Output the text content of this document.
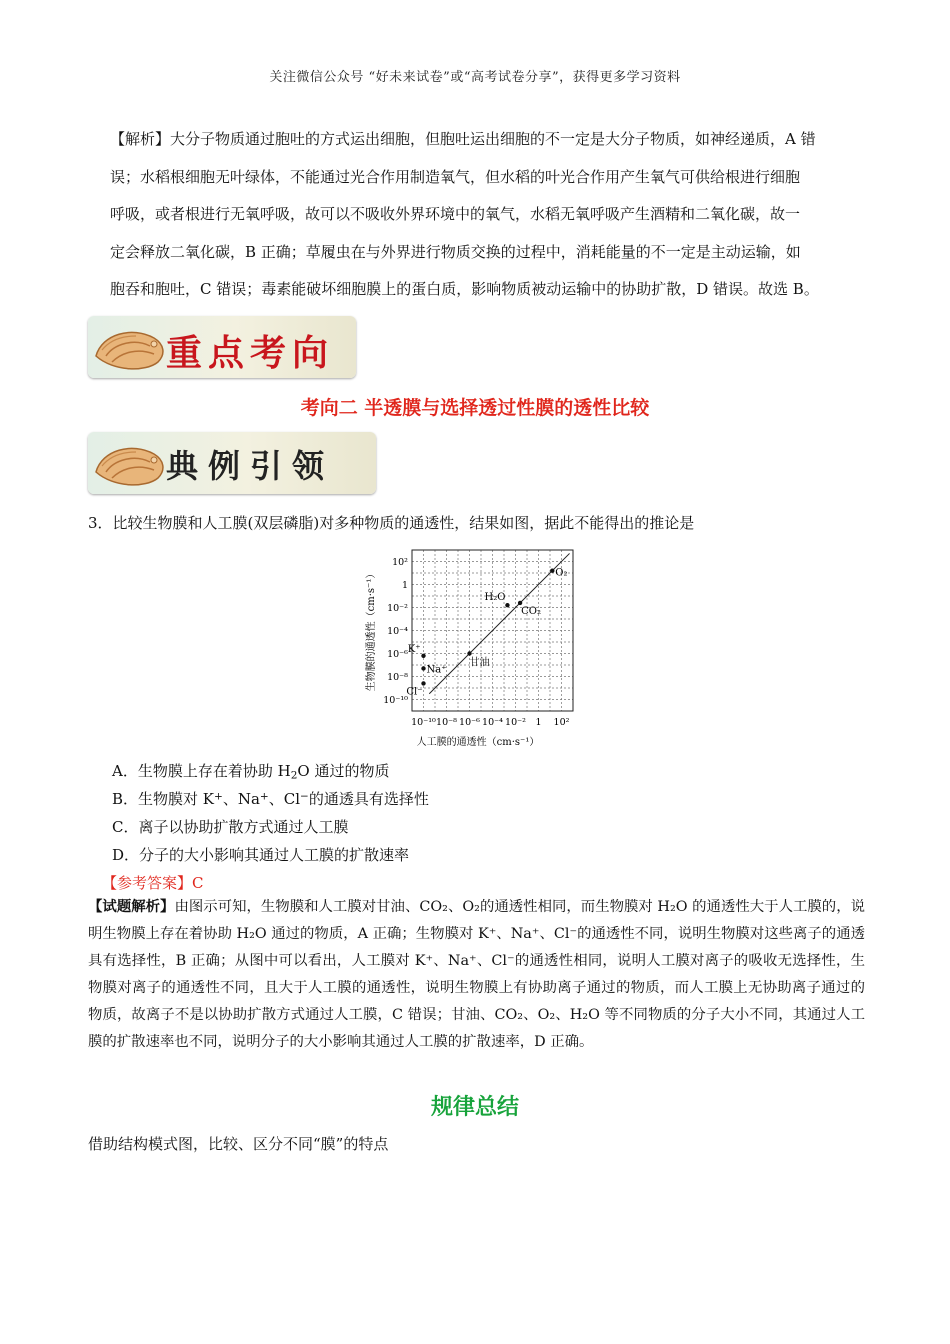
关注微信公众号 “好未来试卷”或“高考试卷分享”，获得更多学习资料
【解析】大分子物质通过胞吐的方式运出细胞，但胞吐运出细胞的不一定是大分子物质，如神经递质，A 错
误；水稻根细胞无叶绿体，不能通过光合作用制造氧气，但水稻的叶光合作用产生氧气可供给根进行细胞
呼吸，或者根进行无氧呼吸，故可以不吸收外界环境中的氧气，水稻无氧呼吸产生酒精和二氧化碳，故一
定会释放二氧化碳，B 正确；草履虫在与外界进行物质交换的过程中，消耗能量的不一定是主动运输，如
胞吞和胞吐，C 错误；毒素能破坏细胞膜上的蛋白质，影响物质被动运输中的协助扩散，D 错误。故选 B。
重点考向
考向二 半透膜与选择透过性膜的透性比较
典例引领
3．比较生物膜和人工膜(双层磷脂)对多种物质的通透性，结果如图，据此不能得出的推论是
10²
1
10⁻²
10⁻⁴
10⁻⁶
10⁻⁸
10⁻¹⁰
10⁻¹⁰ 10⁻⁸ 10⁻⁶ 10⁻⁴ 10⁻² 1 10²
O₂
H₂O
CO₂
K⁺
Na⁺
Cl⁻
甘油
人工膜的通透性（cm·s⁻¹）
生物膜的通透性（cm·s⁻¹）
A．生物膜上存在着协助 $H_2O$ 通过的物质
B．生物膜对 K+、Na+、Cl−的通透具有选择性
C．离子以协助扩散方式通过人工膜
D．分子的大小影响其通过人工膜的扩散速率
【参考答案】C
【试题解析】由图示可知，生物膜和人工膜对甘油、CO₂、O₂的通透性相同，而生物膜对 H₂O 的通透性大于人工膜的，说明生物膜上存在着协助 H₂O 通过的物质，A 正确；生物膜对 K⁺、Na⁺、Cl⁻的通透性不同，说明生物膜对这些离子的通透具有选择性，B 正确；从图中可以看出，人工膜对 K⁺、Na⁺、Cl⁻的通透性相同，说明人工膜对离子的吸收无选择性，生物膜对离子的通透性不同，且大于人工膜的通透性，说明生物膜上有协助离子通过的物质，而人工膜上无协助离子通过的物质，故离子不是以协助扩散方式通过人工膜，C 错误；甘油、CO₂、O₂、H₂O 等不同物质的分子大小不同，其通过人工膜的扩散速率也不同，说明分子的大小影响其通过人工膜的扩散速率，D 正确。
规律总结
借助结构模式图，比较、区分不同“膜”的特点
